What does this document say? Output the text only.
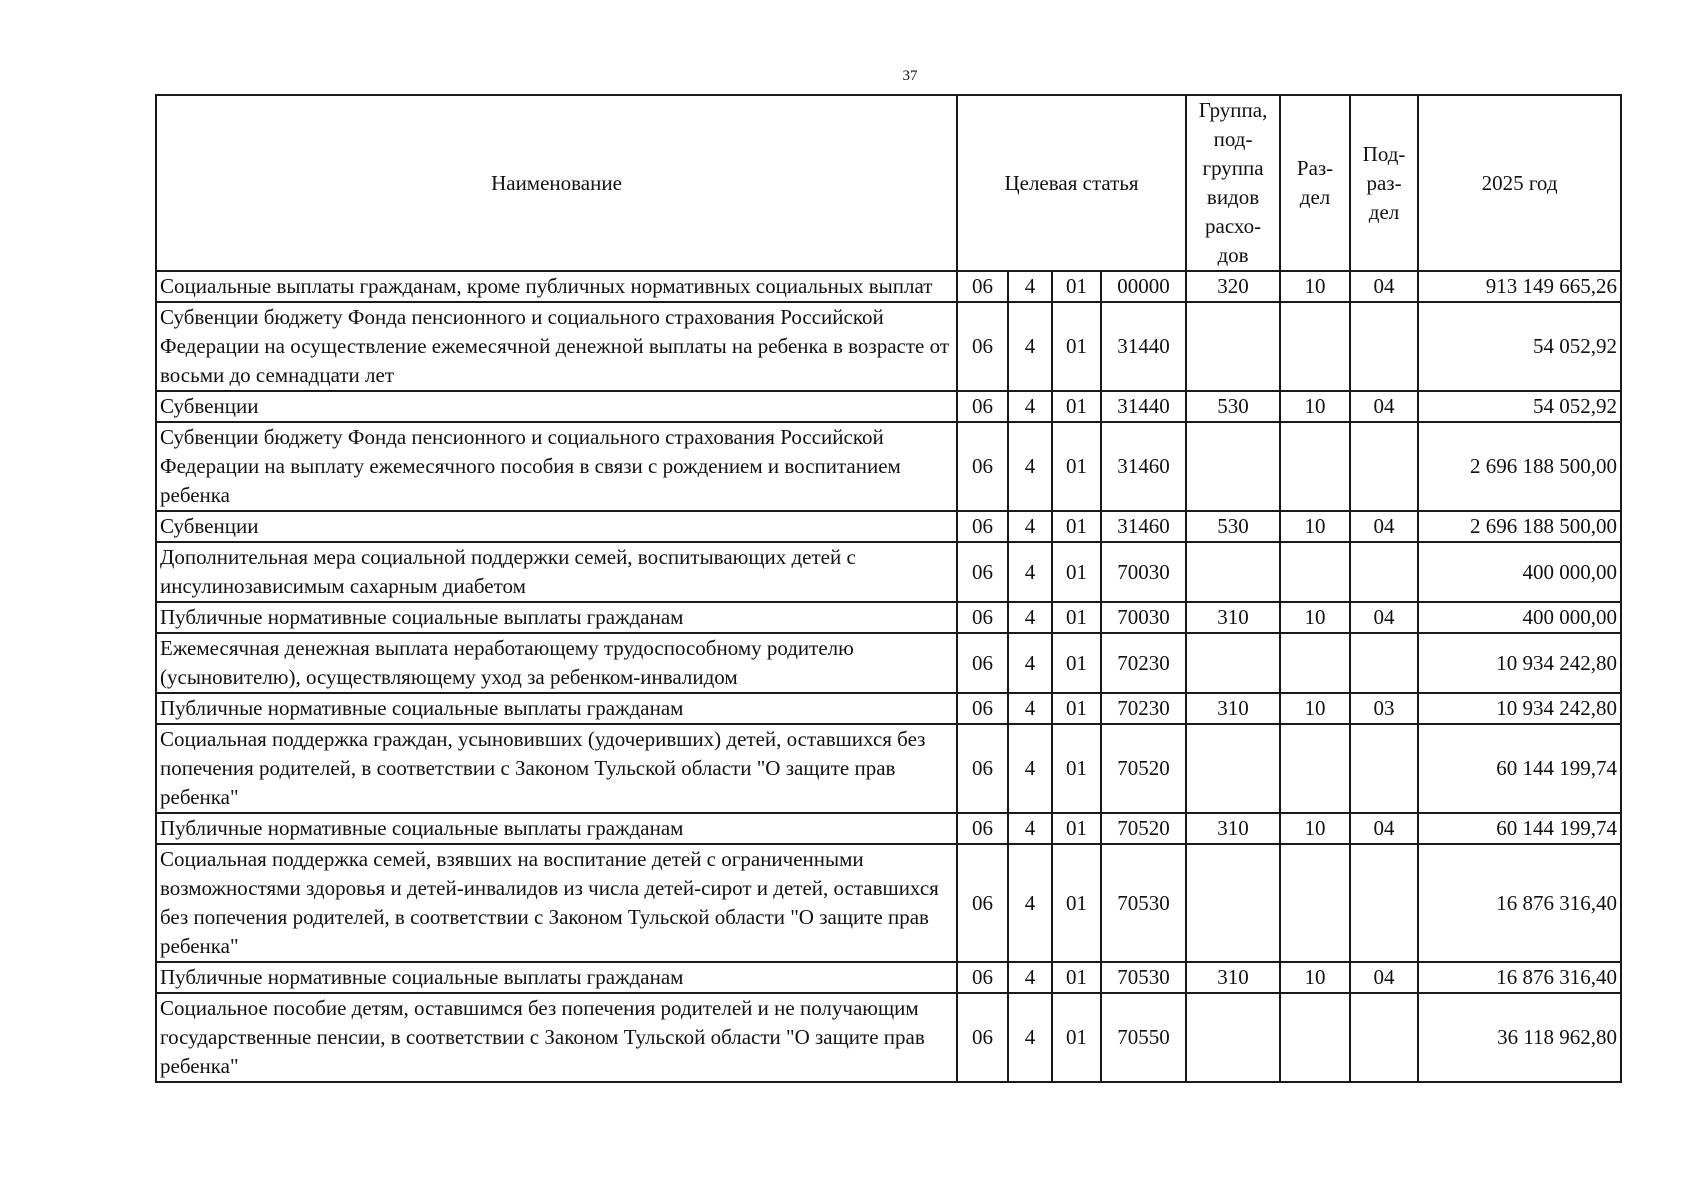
37
Наименование	Целевая статья				Группа, под-группа видов расхо-дов	Раз-дел	Под-раз-дел	2025 год
Социальные выплаты гражданам, кроме публичных нормативных социальных выплат	06	4	01	00000	320	10	04	913 149 665,26
Субвенции бюджету Фонда пенсионного и социального страхования Российской Федерации на осуществление ежемесячной денежной выплаты на ребенка в возрасте от восьми до семнадцати лет	06	4	01	31440				54 052,92
Субвенции	06	4	01	31440	530	10	04	54 052,92
Субвенции бюджету Фонда пенсионного и социального страхования Российской Федерации на выплату ежемесячного пособия в связи с рождением и воспитанием ребенка	06	4	01	31460				2 696 188 500,00
Субвенции	06	4	01	31460	530	10	04	2 696 188 500,00
Дополнительная мера социальной поддержки семей, воспитывающих детей с инсулинозависимым сахарным диабетом	06	4	01	70030				400 000,00
Публичные нормативные социальные выплаты гражданам	06	4	01	70030	310	10	04	400 000,00
Ежемесячная денежная выплата неработающему трудоспособному родителю (усыновителю), осуществляющему уход за ребенком-инвалидом	06	4	01	70230				10 934 242,80
Публичные нормативные социальные выплаты гражданам	06	4	01	70230	310	10	03	10 934 242,80
Социальная поддержка граждан, усыновивших (удочеривших) детей, оставшихся без попечения родителей, в соответствии с Законом Тульской области "О защите прав ребенка"	06	4	01	70520				60 144 199,74
Публичные нормативные социальные выплаты гражданам	06	4	01	70520	310	10	04	60 144 199,74
Социальная поддержка семей, взявших на воспитание детей с ограниченными возможностями здоровья и детей-инвалидов из числа детей-сирот и детей, оставшихся без попечения родителей, в соответствии с Законом Тульской области "О защите прав ребенка"	06	4	01	70530				16 876 316,40
Публичные нормативные социальные выплаты гражданам	06	4	01	70530	310	10	04	16 876 316,40
Социальное пособие детям, оставшимся без попечения родителей и не получающим государственные пенсии, в соответствии с Законом Тульской области "О защите прав ребенка"	06	4	01	70550				36 118 962,80
